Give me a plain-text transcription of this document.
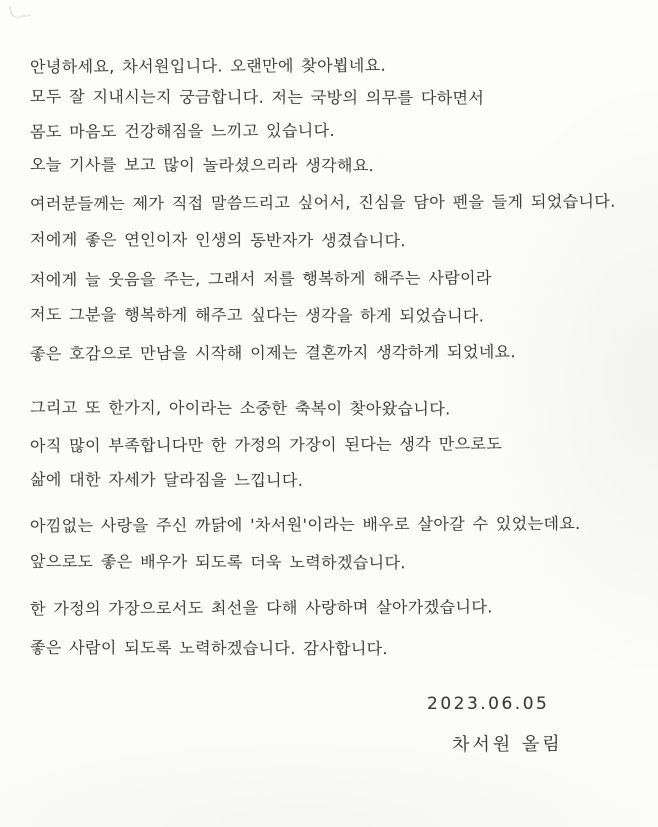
안녕하세요, 차서원입니다. 오랜만에 찾아뵙네요.
모두 잘 지내시는지 궁금합니다. 저는 국방의 의무를 다하면서
몸도 마음도 건강해짐을 느끼고 있습니다.
오늘 기사를 보고 많이 놀라셨으리라 생각해요.
여러분들께는 제가 직접 말씀드리고 싶어서, 진심을 담아 펜을 들게 되었습니다.
저에게 좋은 연인이자 인생의 동반자가 생겼습니다.
저에게 늘 웃음을 주는, 그래서 저를 행복하게 해주는 사람이라
저도 그분을 행복하게 해주고 싶다는 생각을 하게 되었습니다.
좋은 호감으로 만남을 시작해 이제는 결혼까지 생각하게 되었네요.
그리고 또 한가지, 아이라는 소중한 축복이 찾아왔습니다.
아직 많이 부족합니다만 한 가정의 가장이 된다는 생각 만으로도
삶에 대한 자세가 달라짐을 느낍니다.
아낌없는 사랑을 주신 까닭에 '차서원'이라는 배우로 살아갈 수 있었는데요.
앞으로도 좋은 배우가 되도록 더욱 노력하겠습니다.
한 가정의 가장으로서도 최선을 다해 사랑하며 살아가겠습니다.
좋은 사람이 되도록 노력하겠습니다. 감사합니다.
2023.06.05
차서원 올림
